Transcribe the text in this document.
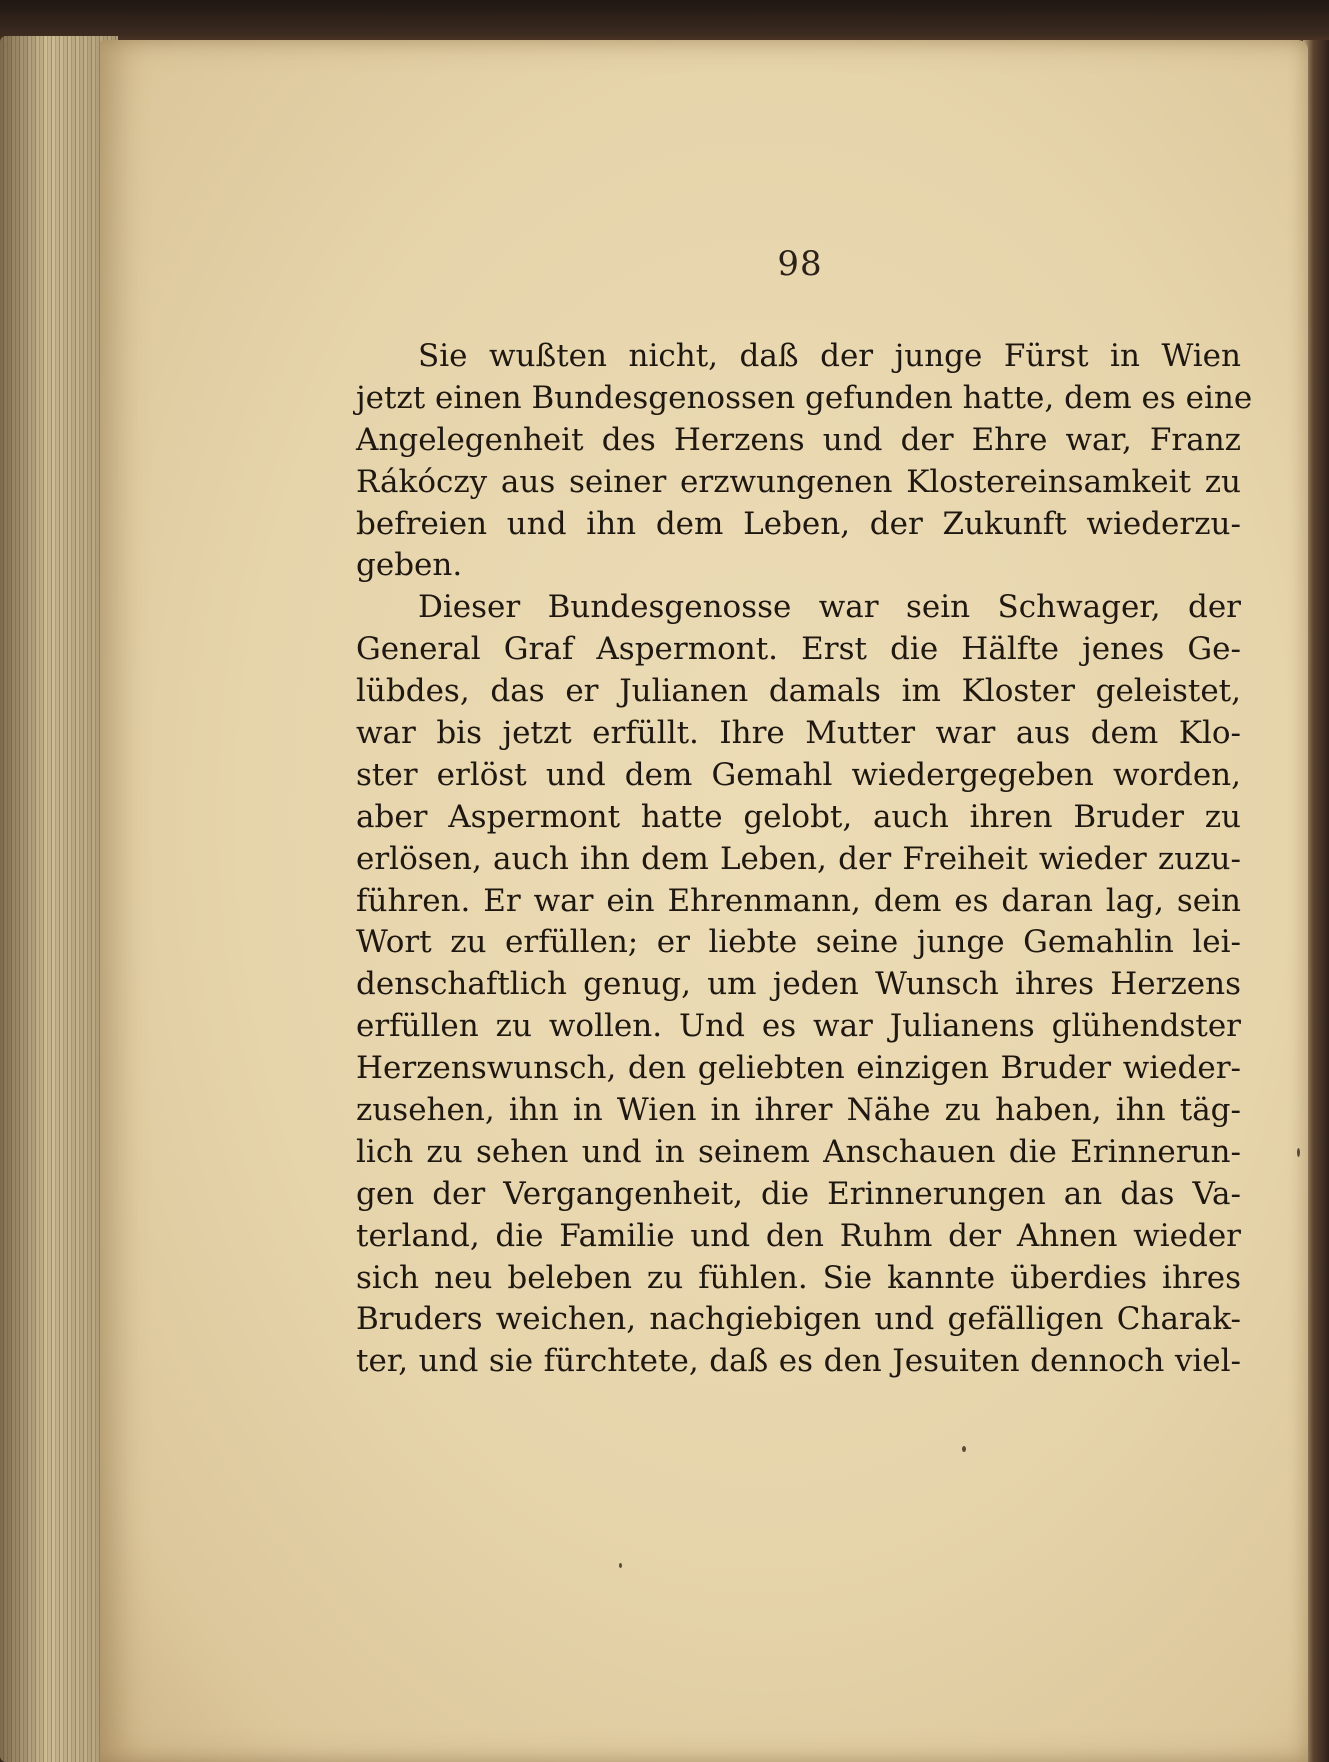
98
Sie wußten nicht, daß der junge Fürst in Wien
jetzt einen Bundesgenossen gefunden hatte, dem es eine
Angelegenheit des Herzens und der Ehre war, Franz
Rákóczy aus seiner erzwungenen Klostereinsamkeit zu
befreien und ihn dem Leben, der Zukunft wiederzu-
geben.
Dieser Bundesgenosse war sein Schwager, der
General Graf Aspermont. Erst die Hälfte jenes Ge-
lübdes, das er Julianen damals im Kloster geleistet,
war bis jetzt erfüllt. Ihre Mutter war aus dem Klo-
ster erlöst und dem Gemahl wiedergegeben worden,
aber Aspermont hatte gelobt, auch ihren Bruder zu
erlösen, auch ihn dem Leben, der Freiheit wieder zuzu-
führen. Er war ein Ehrenmann, dem es daran lag, sein
Wort zu erfüllen; er liebte seine junge Gemahlin lei-
denschaftlich genug, um jeden Wunsch ihres Herzens
erfüllen zu wollen. Und es war Julianens glühendster
Herzenswunsch, den geliebten einzigen Bruder wieder-
zusehen, ihn in Wien in ihrer Nähe zu haben, ihn täg-
lich zu sehen und in seinem Anschauen die Erinnerun-
gen der Vergangenheit, die Erinnerungen an das Va-
terland, die Familie und den Ruhm der Ahnen wieder
sich neu beleben zu fühlen. Sie kannte überdies ihres
Bruders weichen, nachgiebigen und gefälligen Charak-
ter, und sie fürchtete, daß es den Jesuiten dennoch viel-
